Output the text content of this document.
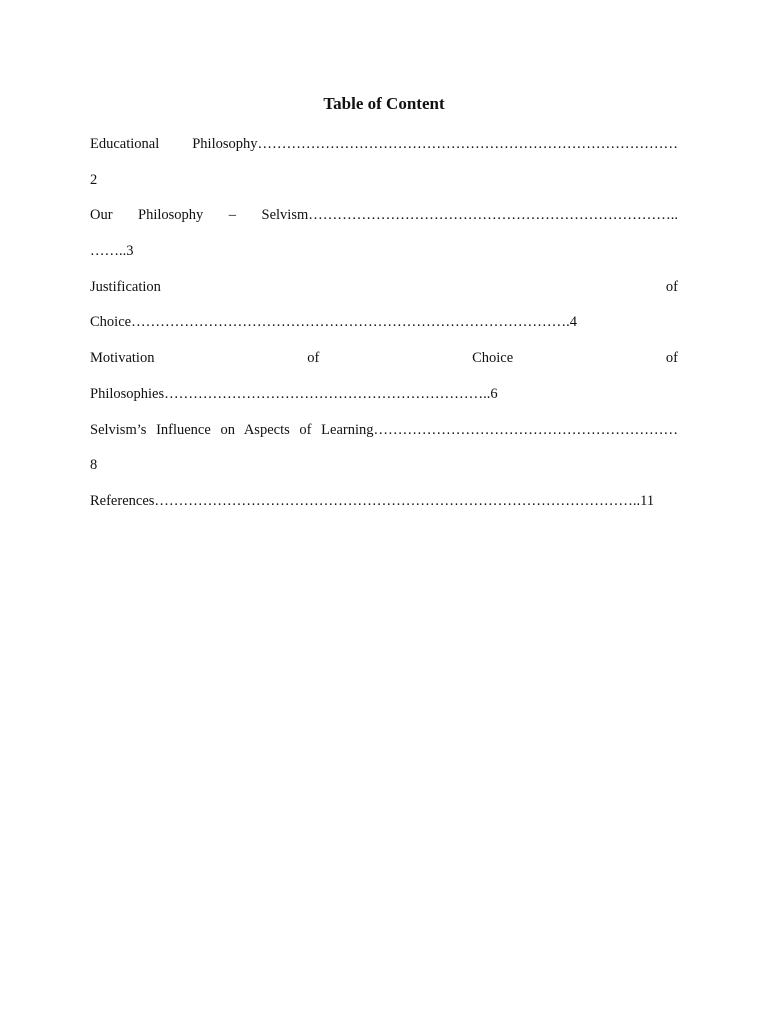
Table of Content
Educational Philosophy……………………………………………………………………………
2
Our Philosophy – Selvism…………………………………………………………………..
……..3
Justification of
Choice……………………………………………………………………………….4
Motivation of Choice of
Philosophies…………………………………………………………..6
Selvism’s Influence on Aspects of Learning………………………………………………………
8
References………………………………………………………………………………………..11
